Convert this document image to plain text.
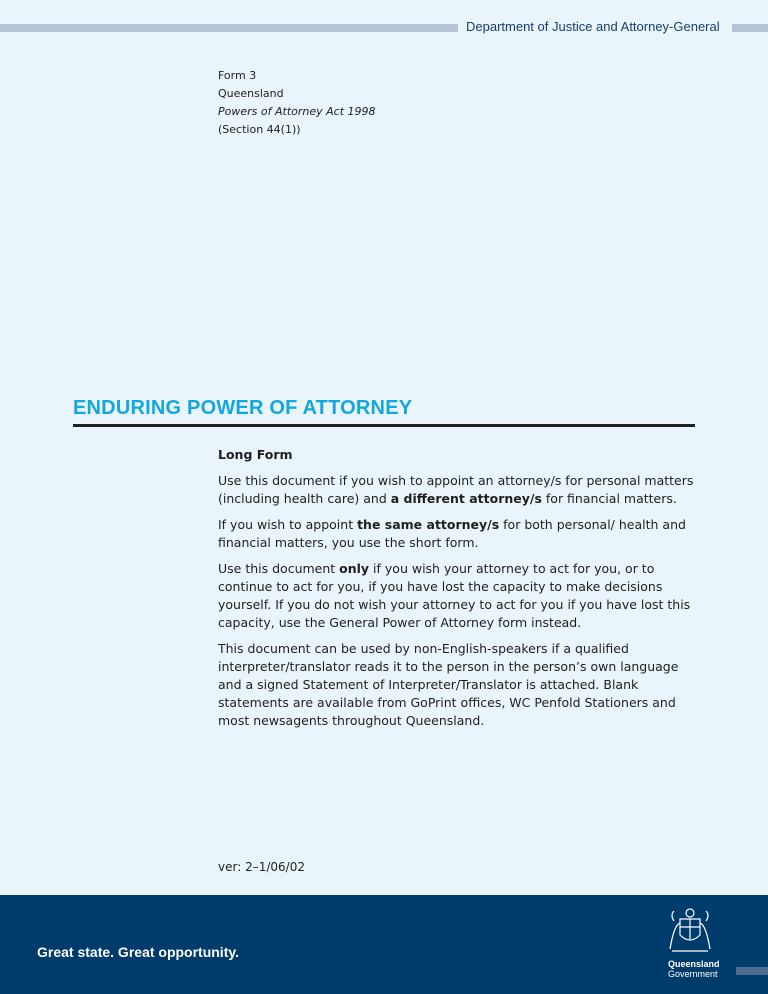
Department of Justice and Attorney-General
Form 3
Queensland
Powers of Attorney Act 1998
(Section 44(1))
ENDURING POWER OF ATTORNEY
Long Form

Use this document if you wish to appoint an attorney/s for personal matters (including health care) and a different attorney/s for financial matters.

If you wish to appoint the same attorney/s for both personal/ health and financial matters, you use the short form.

Use this document only if you wish your attorney to act for you, or to continue to act for you, if you have lost the capacity to make decisions yourself. If you do not wish your attorney to act for you if you have lost this capacity, use the General Power of Attorney form instead.

This document can be used by non-English-speakers if a qualified interpreter/translator reads it to the person in the person’s own language and a signed Statement of Interpreter/Translator is attached. Blank statements are available from GoPrint offices, WC Penfold Stationers and most newsagents throughout Queensland.

ver: 2–1/06/02
Great state. Great opportunity.
Queensland
Government
